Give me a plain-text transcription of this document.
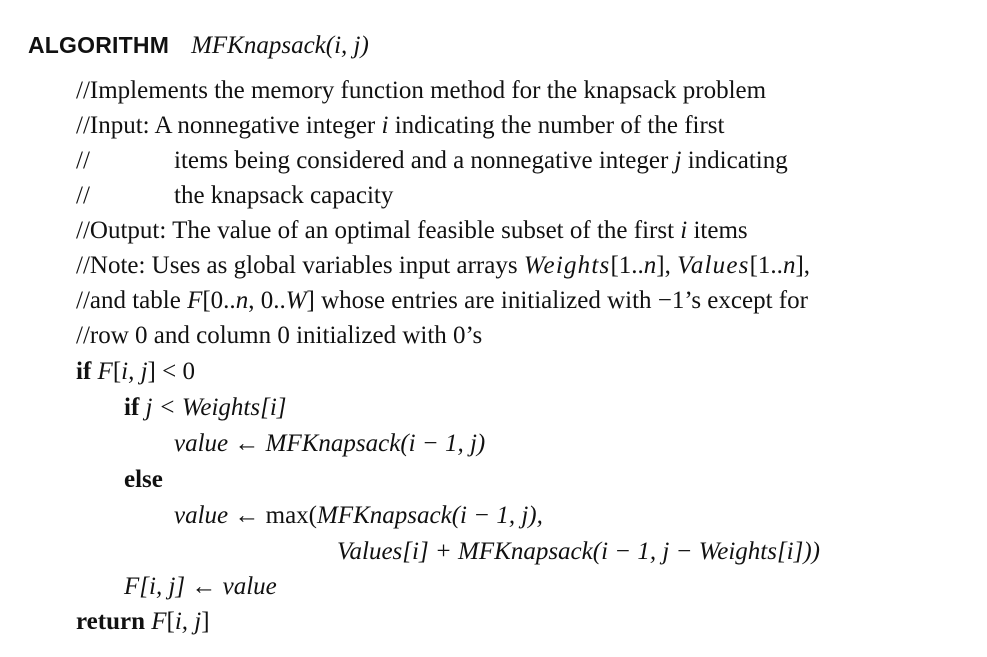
ALGORITHM MFKnapsack(i, j)
//Implements the memory function method for the knapsack problem
//Input: A nonnegative integer i indicating the number of the first
//	items being considered and a nonnegative integer j indicating
//	the knapsack capacity
//Output: The value of an optimal feasible subset of the first i items
//Note: Uses as global variables input arrays Weights[1..n], Values[1..n],
//and table F[0..n, 0..W] whose entries are initialized with −1’s except for
//row 0 and column 0 initialized with 0’s
if F[i, j] < 0
if j < Weights[i]
value ← MFKnapsack(i − 1, j)
else
value ← max(MFKnapsack(i − 1, j),
Values[i] + MFKnapsack(i − 1, j − Weights[i]))
F[i, j] ← value
return F[i, j]
